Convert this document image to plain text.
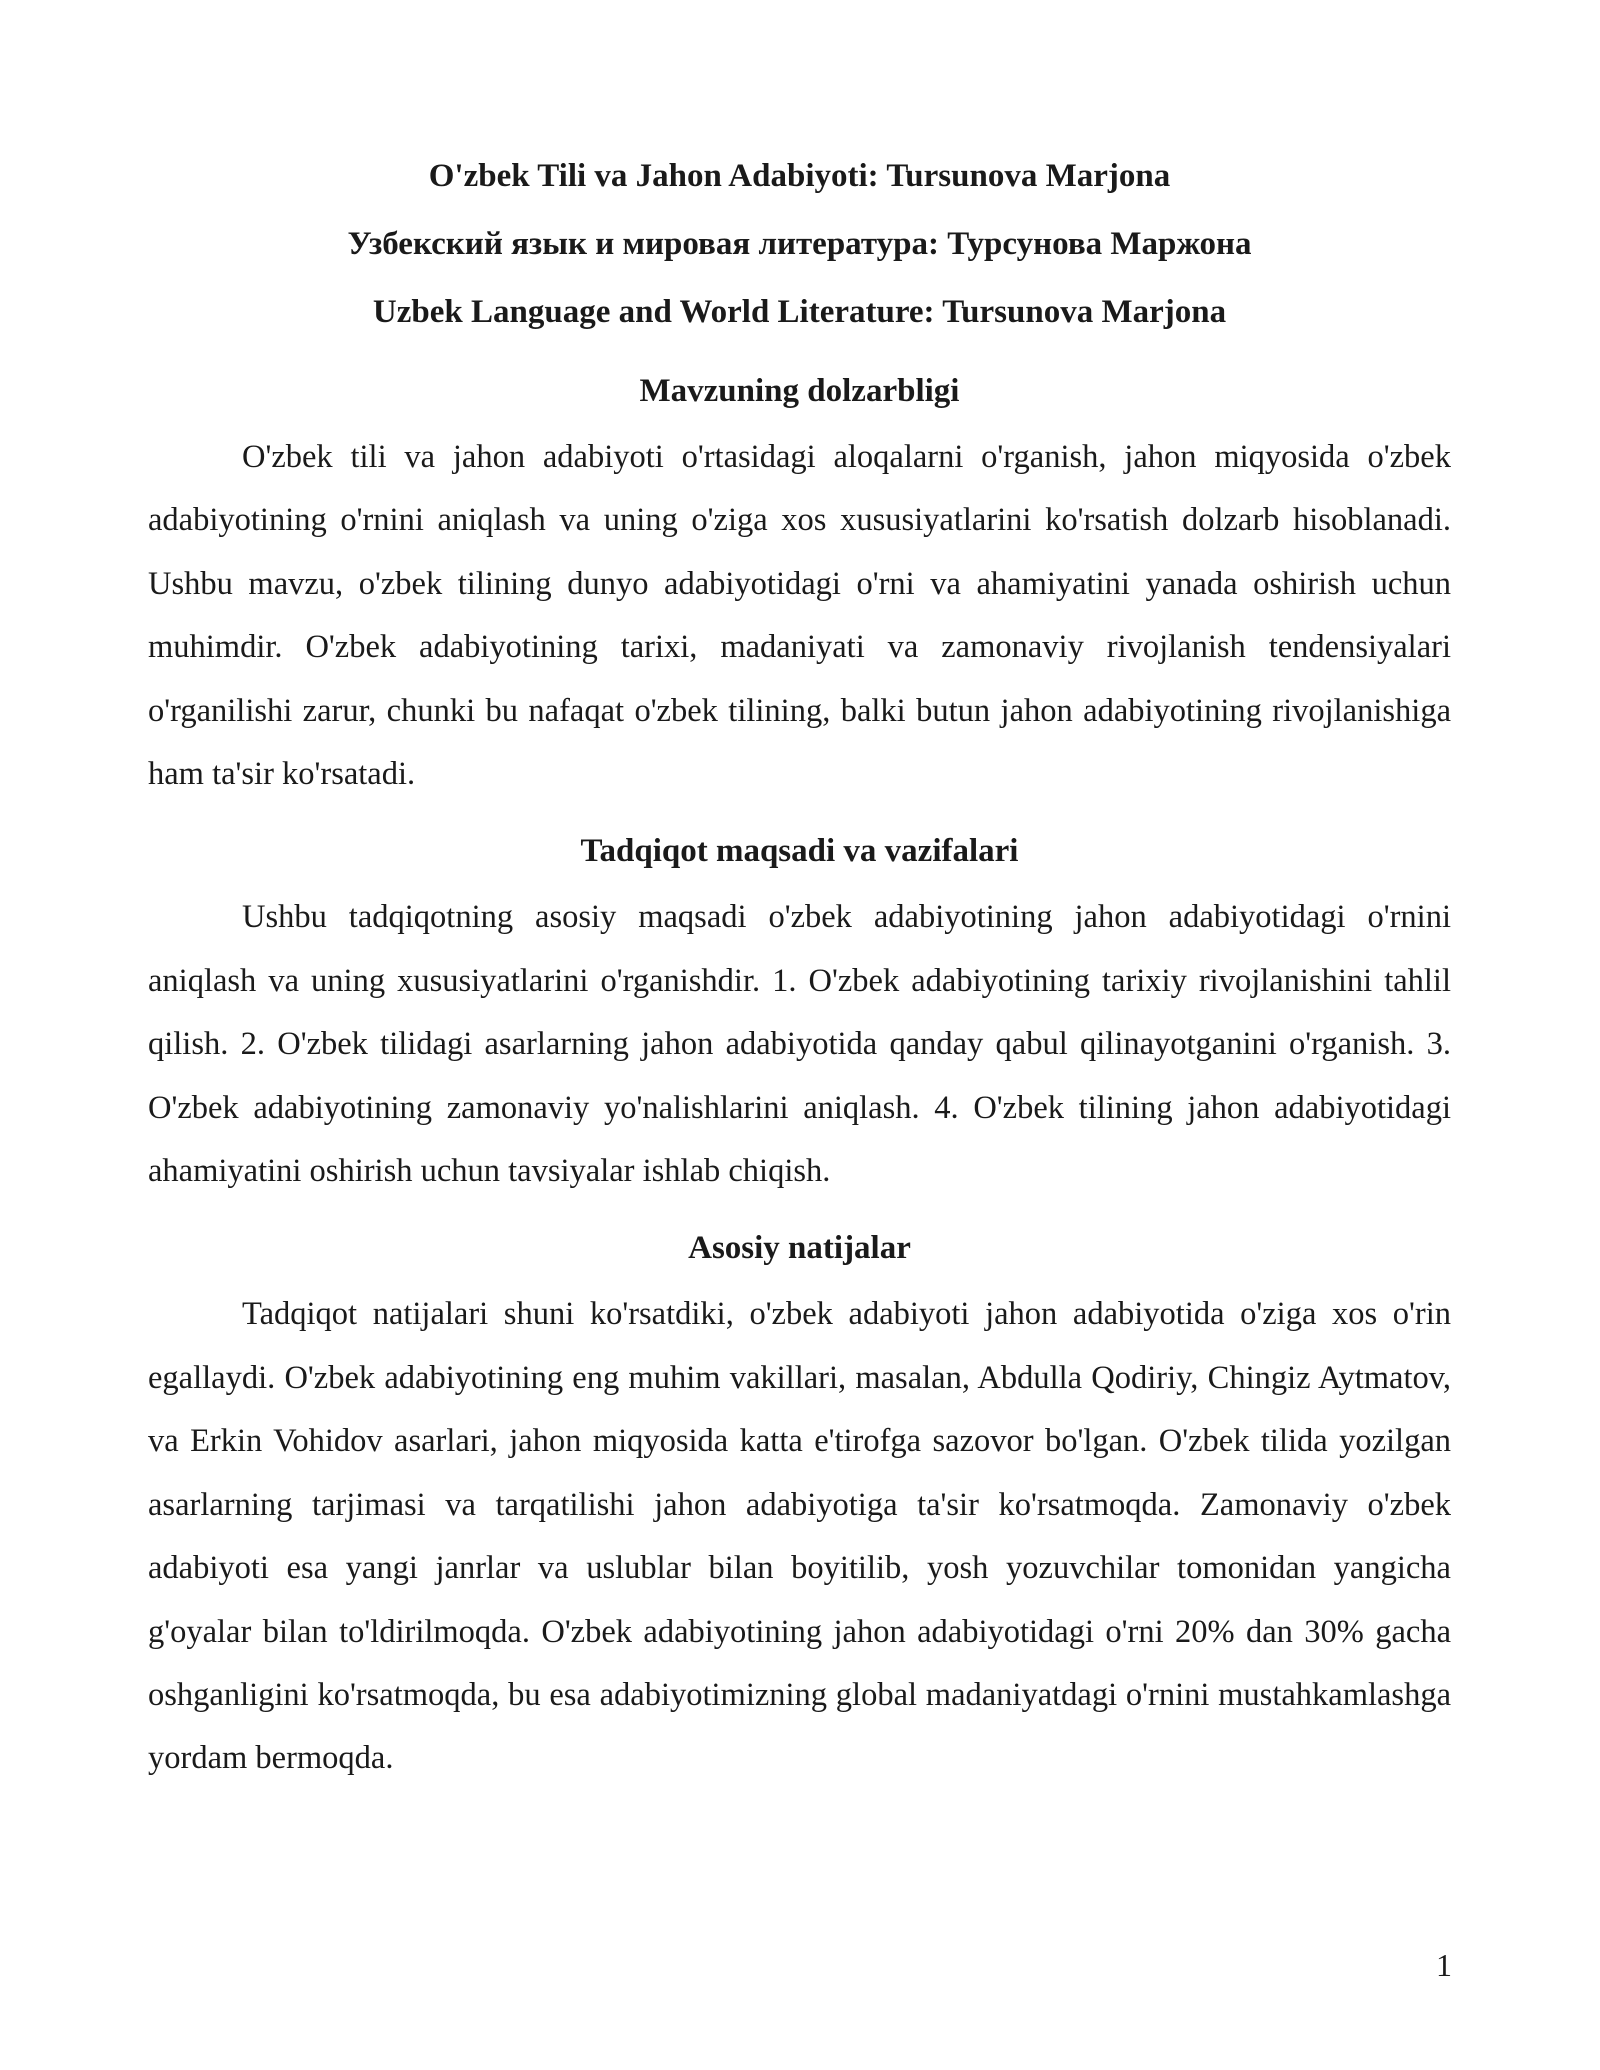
O'zbek Tili va Jahon Adabiyoti: Tursunova Marjona

Узбекский язык и мировая литература: Турсунова Маржона

Uzbek Language and World Literature: Tursunova Marjona

Mavzuning dolzarbligi

O'zbek tili va jahon adabiyoti o'rtasidagi aloqalarni o'rganish, jahon miqyosida o'zbek adabiyotining o'rnini aniqlash va uning o'ziga xos xususiyatlarini ko'rsatish dolzarb hisoblanadi. Ushbu mavzu, o'zbek tilining dunyo adabiyotidagi o'rni va ahamiyatini yanada oshirish uchun muhimdir. O'zbek adabiyotining tarixi, madaniyati va zamonaviy rivojlanish tendensiyalari o'rganilishi zarur, chunki bu nafaqat o'zbek tilining, balki butun jahon adabiyotining rivojlanishiga ham ta'sir ko'rsatadi.

Tadqiqot maqsadi va vazifalari

Ushbu tadqiqotning asosiy maqsadi o'zbek adabiyotining jahon adabiyotidagi o'rnini aniqlash va uning xususiyatlarini o'rganishdir. 1. O'zbek adabiyotining tarixiy rivojlanishini tahlil qilish. 2. O'zbek tilidagi asarlarning jahon adabiyotida qanday qabul qilinayotganini o'rganish. 3. O'zbek adabiyotining zamonaviy yo'nalishlarini aniqlash. 4. O'zbek tilining jahon adabiyotidagi ahamiyatini oshirish uchun tavsiyalar ishlab chiqish.

Asosiy natijalar

Tadqiqot natijalari shuni ko'rsatdiki, o'zbek adabiyoti jahon adabiyotida o'ziga xos o'rin egallaydi. O'zbek adabiyotining eng muhim vakillari, masalan, Abdulla Qodiriy, Chingiz Aytmatov, va Erkin Vohidov asarlari, jahon miqyosida katta e'tirofga sazovor bo'lgan. O'zbek tilida yozilgan asarlarning tarjimasi va tarqatilishi jahon adabiyotiga ta'sir ko'rsatmoqda. Zamonaviy o'zbek adabiyoti esa yangi janrlar va uslublar bilan boyitilib, yosh yozuvchilar tomonidan yangicha g'oyalar bilan to'ldirilmoqda. O'zbek adabiyotining jahon adabiyotidagi o'rni 20% dan 30% gacha oshganligini ko'rsatmoqda, bu esa adabiyotimizning global madaniyatdagi o'rnini mustahkamlashga yordam bermoqda.

1
